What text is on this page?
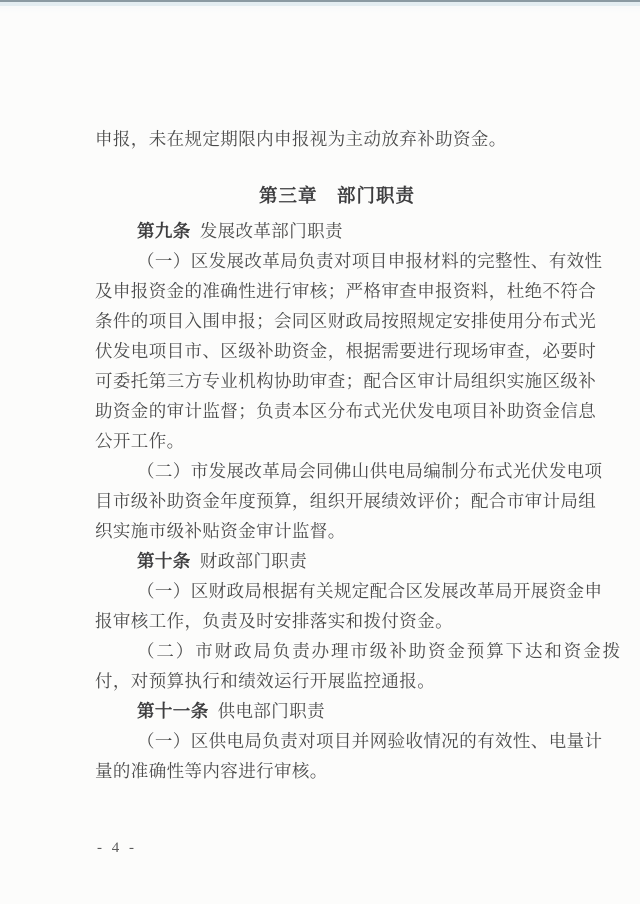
申报，未在规定期限内申报视为主动放弃补助资金。
第三章　部门职责
第九条 发展改革部门职责
（一）区发展改革局负责对项目申报材料的完整性、有效性
及申报资金的准确性进行审核；严格审查申报资料，杜绝不符合
条件的项目入围申报；会同区财政局按照规定安排使用分布式光
伏发电项目市、区级补助资金，根据需要进行现场审查，必要时
可委托第三方专业机构协助审查；配合区审计局组织实施区级补
助资金的审计监督；负责本区分布式光伏发电项目补助资金信息
公开工作。
（二）市发展改革局会同佛山供电局编制分布式光伏发电项
目市级补助资金年度预算，组织开展绩效评价；配合市审计局组
织实施市级补贴资金审计监督。
第十条 财政部门职责
（一）区财政局根据有关规定配合区发展改革局开展资金申
报审核工作，负责及时安排落实和拨付资金。
（二）市财政局负责办理市级补助资金预算下达和资金拨
付，对预算执行和绩效运行开展监控通报。
第十一条 供电部门职责
（一）区供电局负责对项目并网验收情况的有效性、电量计
量的准确性等内容进行审核。
- 4 -
